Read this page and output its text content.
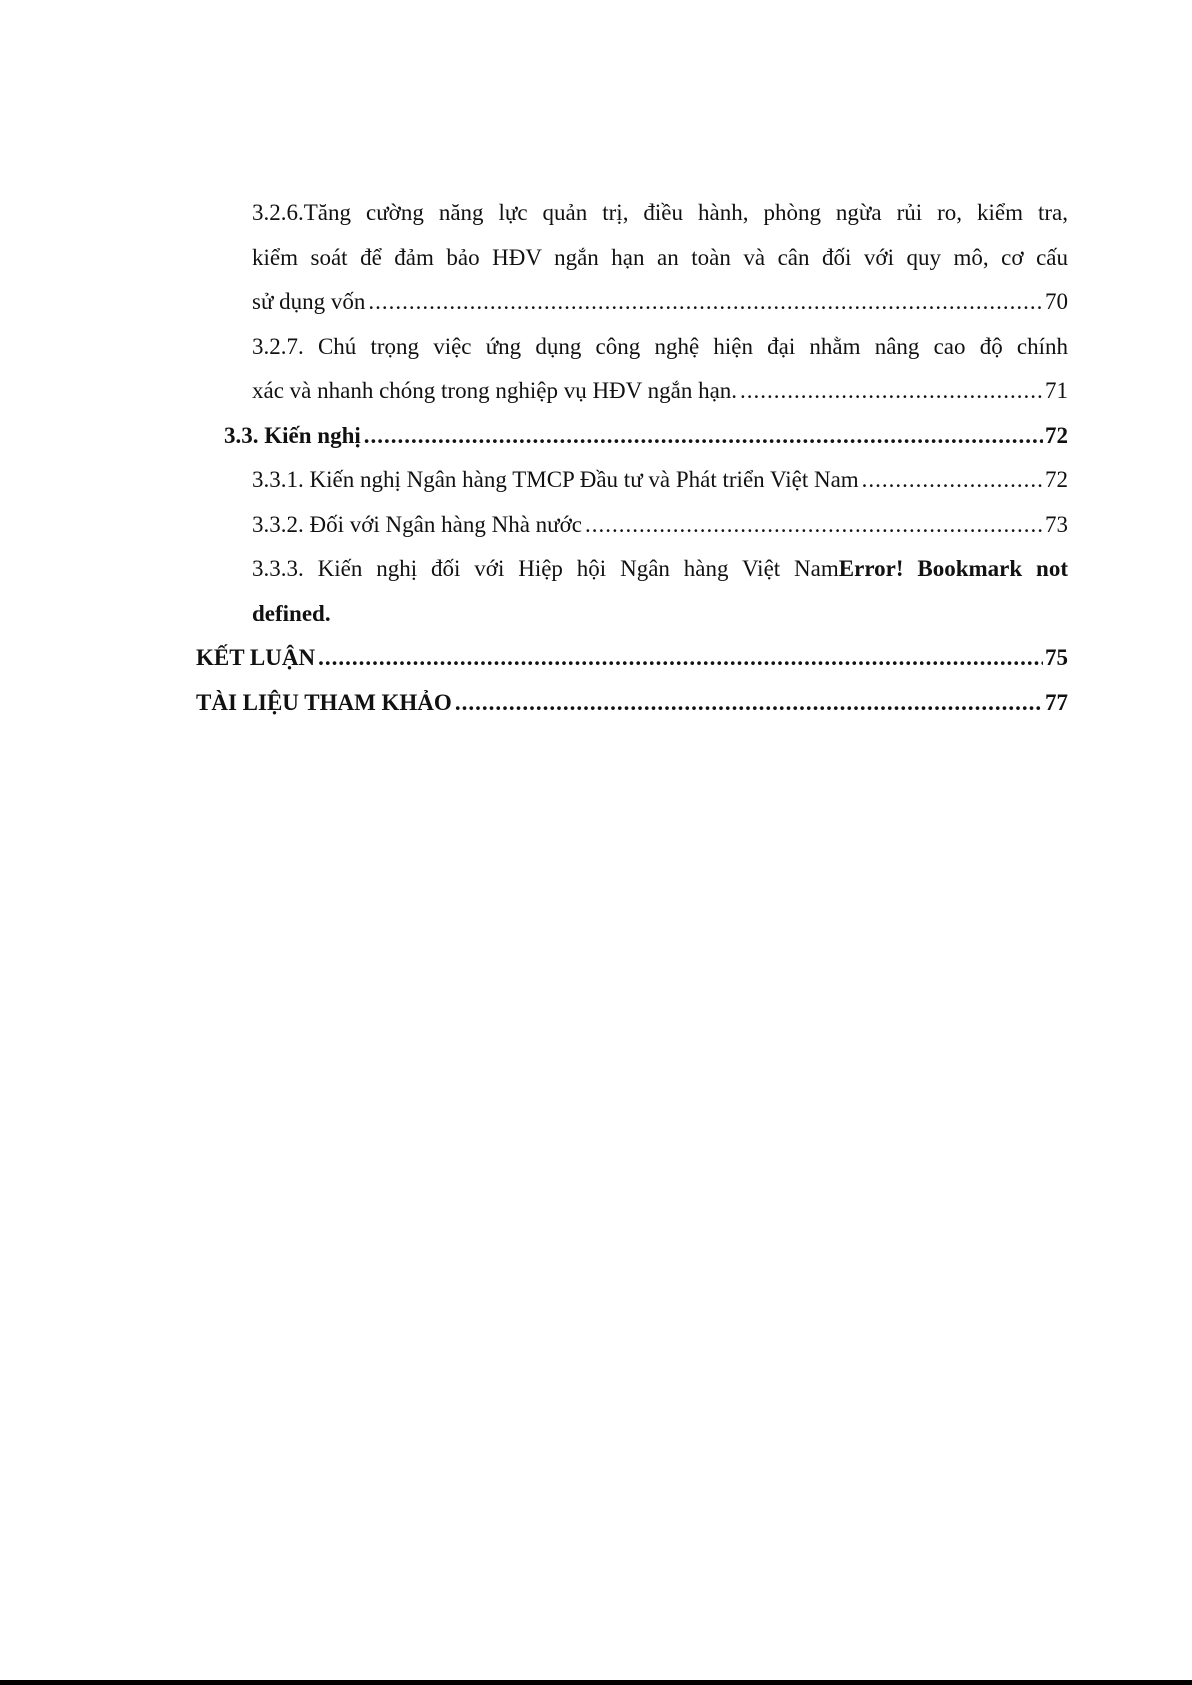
3.2.6.Tăng cường năng lực quản trị, điều hành, phòng ngừa rủi ro, kiểm tra,
kiểm soát để đảm bảo HĐV ngắn hạn an toàn và cân đối với quy mô, cơ cấu
sử dụng vốn .....	70
3.2.7. Chú trọng việc ứng dụng công nghệ hiện đại nhằm nâng cao độ chính
xác và nhanh chóng trong nghiệp vụ HĐV ngắn hạn. .....	71
3.3. Kiến nghị .....	72
3.3.1. Kiến nghị Ngân hàng TMCP Đầu tư và Phát triển Việt Nam .....	72
3.3.2. Đối với Ngân hàng Nhà nước .....	73
3.3.3. Kiến nghị đối với Hiệp hội Ngân hàng Việt NamError! Bookmark not
defined.
KẾT LUẬN .....	75
TÀI LIỆU THAM KHẢO .....	77
